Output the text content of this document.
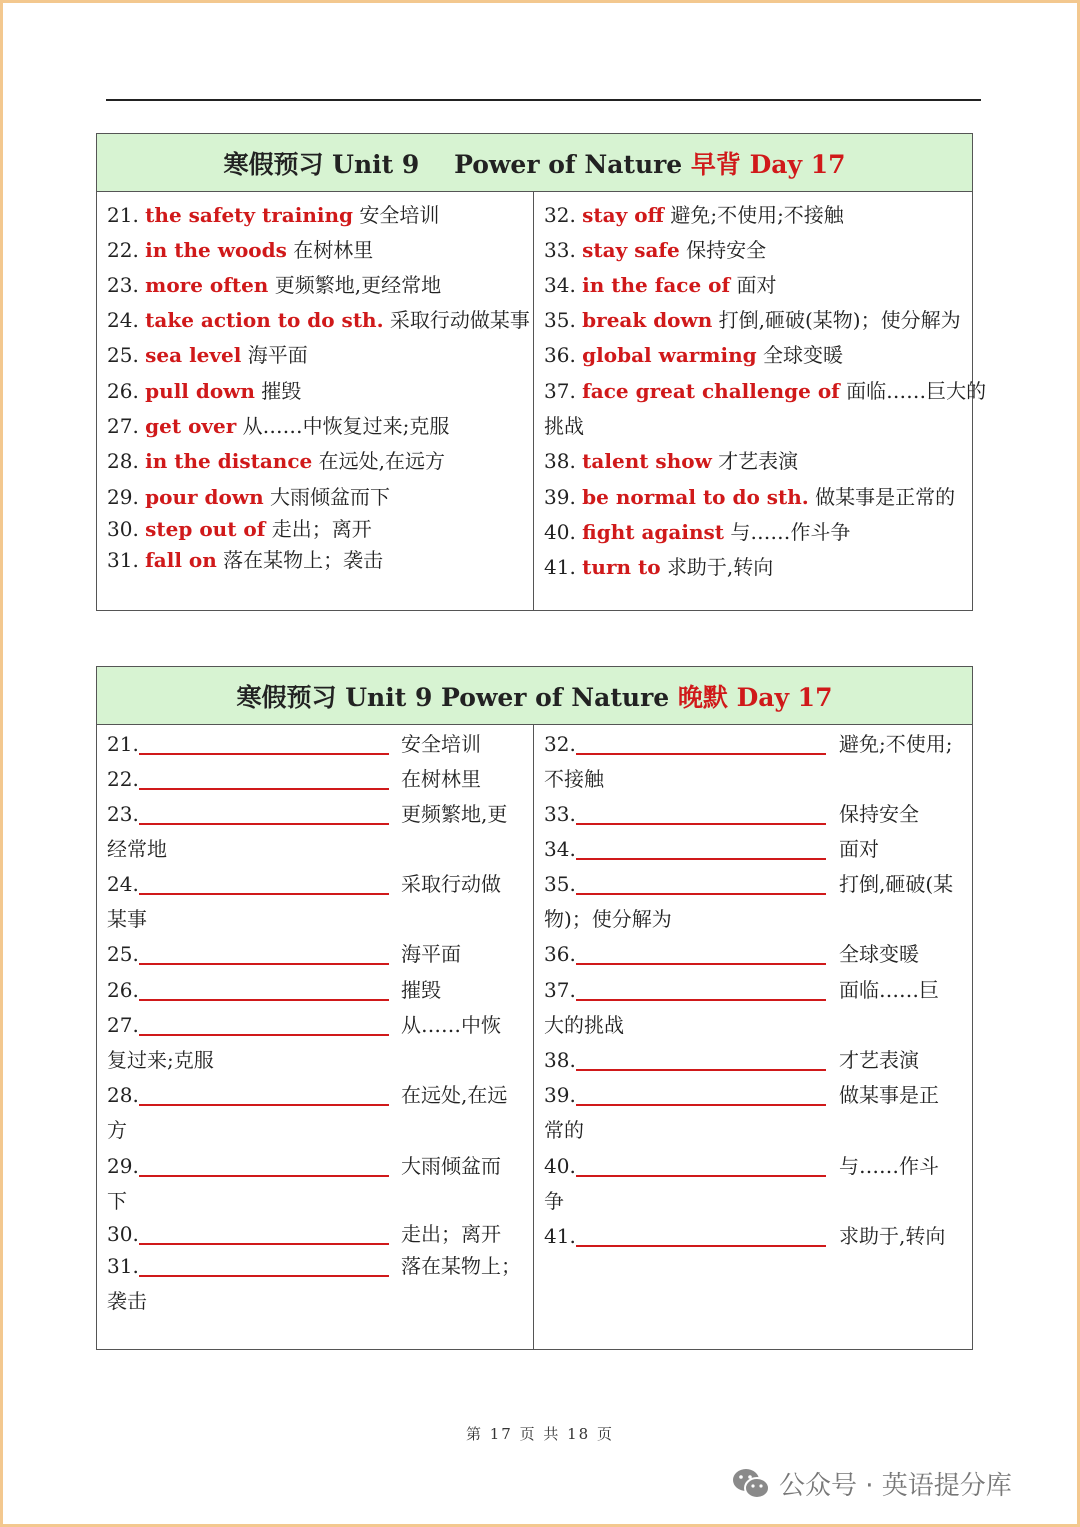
寒假预习 Unit 9    Power of Nature 早背 Day 17
21. the safety training 安全培训
22. in the woods 在树林里
23. more often 更频繁地,更经常地
24. take action to do sth. 采取行动做某事
25. sea level 海平面
26. pull down 摧毁
27. get over 从……中恢复过来;克服
28. in the distance 在远处,在远方
29. pour down 大雨倾盆而下
30. step out of 走出；离开
31. fall on 落在某物上；袭击
32. stay off 避免;不使用;不接触
33. stay safe 保持安全
34. in the face of 面对
35. break down 打倒,砸破(某物)；使分解为
36. global warming 全球变暖
37. face great challenge of 面临……巨大的
挑战
38. talent show 才艺表演
39. be normal to do sth. 做某事是正常的
40. fight against 与……作斗争
41. turn to 求助于,转向
寒假预习 Unit 9 Power of Nature 晚默 Day 17
21.	安全培训
22.	在树林里
23.	更频繁地,更
经常地
24.	采取行动做
某事
25.	海平面
26.	摧毁
27.	从……中恢
复过来;克服
28.	在远处,在远
方
29.	大雨倾盆而
下
30.	走出；离开
31.	落在某物上；
袭击
32.	避免;不使用;
不接触
33.	保持安全
34.	面对
35.	打倒,砸破(某
物)；使分解为
36.	全球变暖
37.	面临……巨
大的挑战
38.	才艺表演
39.	做某事是正
常的
40.	与……作斗
争
41.	求助于,转向
第 17 页 共 18 页
公众号 · 英语提分库
